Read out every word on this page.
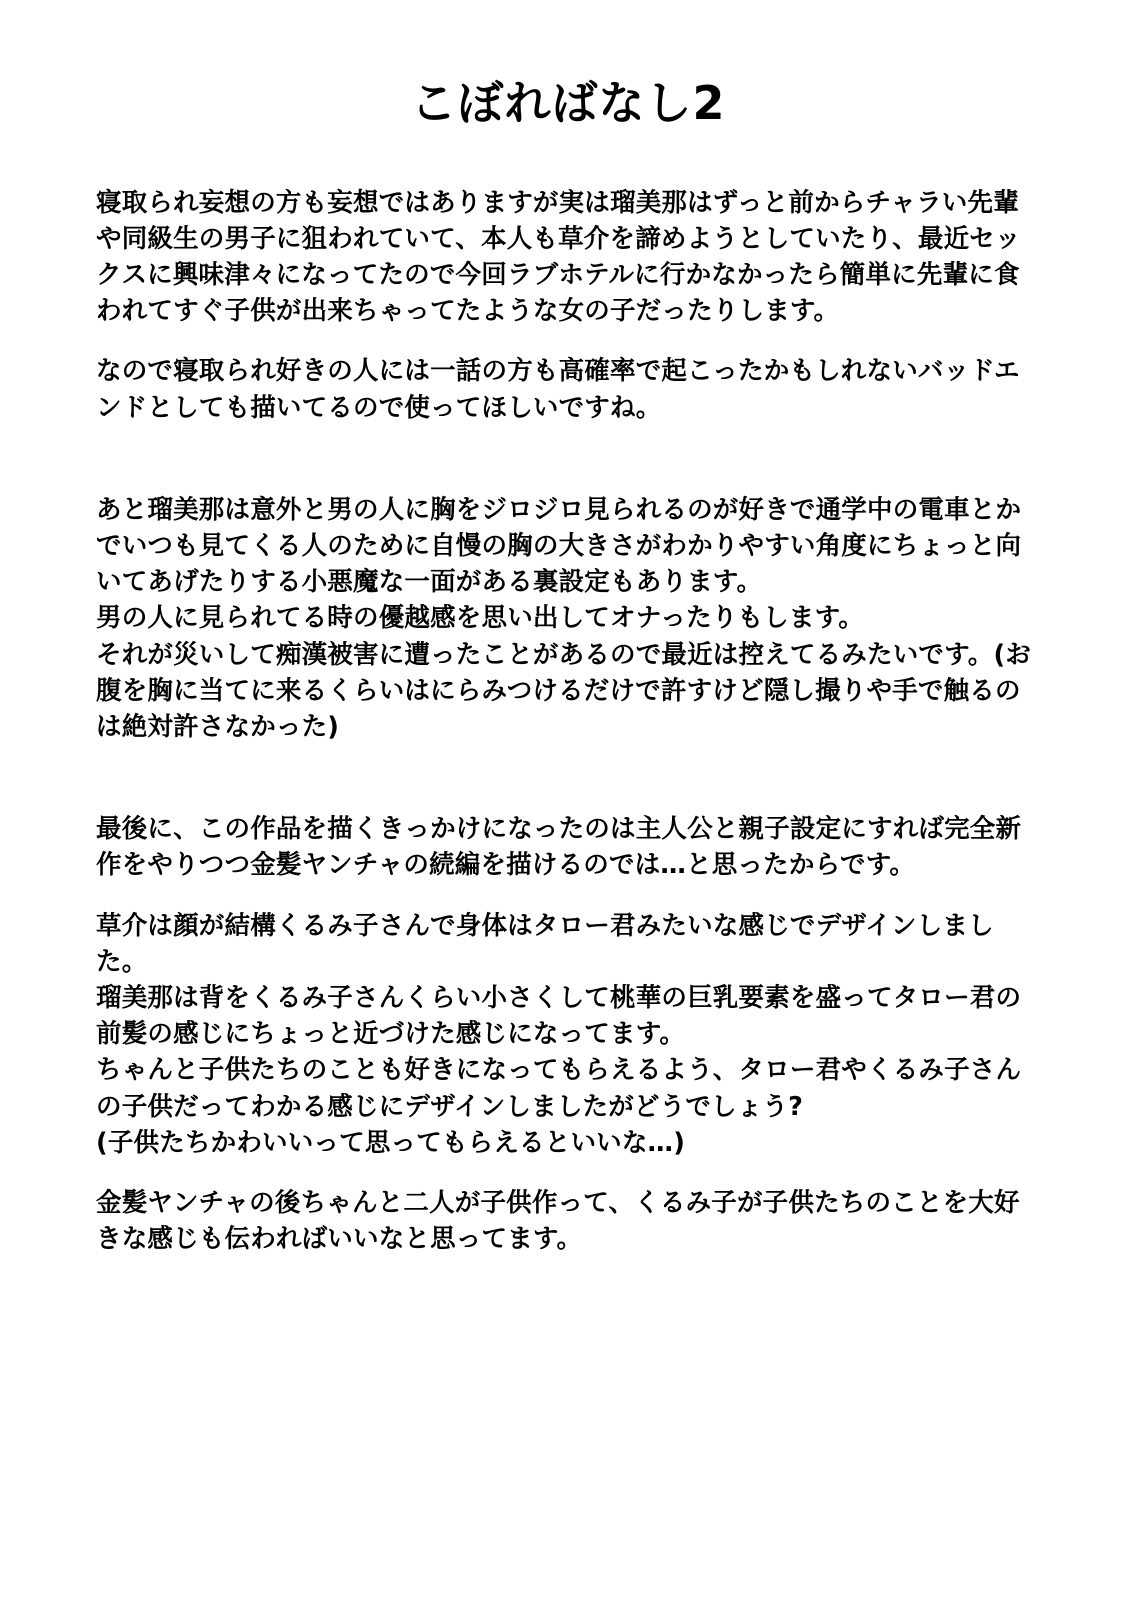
こぼればなし2

寝取られ妄想の方も妄想ではありますが実は瑠美那はずっと前からチャラい先輩や同級生の男子に狙われていて、本人も草介を諦めようとしていたり、最近セックスに興味津々になってたので今回ラブホテルに行かなかったら簡単に先輩に食われてすぐ子供が出来ちゃってたような女の子だったりします。

なので寝取られ好きの人には一話の方も高確率で起こったかもしれないバッドエンドとしても描いてるので使ってほしいですね。

あと瑠美那は意外と男の人に胸をジロジロ見られるのが好きで通学中の電車とかでいつも見てくる人のために自慢の胸の大きさがわかりやすい角度にちょっと向いてあげたりする小悪魔な一面がある裏設定もあります。

男の人に見られてる時の優越感を思い出してオナったりもします。

それが災いして痴漢被害に遭ったことがあるので最近は控えてるみたいです。(お腹を胸に当てに来るくらいはにらみつけるだけで許すけど隠し撮りや手で触るのは絶対許さなかった)

最後に、この作品を描くきっかけになったのは主人公と親子設定にすれば完全新作をやりつつ金髪ヤンチャの続編を描けるのでは…と思ったからです。

草介は顔が結構くるみ子さんで身体はタロー君みたいな感じでデザインしました。

瑠美那は背をくるみ子さんくらい小さくして桃華の巨乳要素を盛ってタロー君の前髪の感じにちょっと近づけた感じになってます。

ちゃんと子供たちのことも好きになってもらえるよう、タロー君やくるみ子さんの子供だってわかる感じにデザインしましたがどうでしょう?

(子供たちかわいいって思ってもらえるといいな…)

金髪ヤンチャの後ちゃんと二人が子供作って、くるみ子が子供たちのことを大好きな感じも伝わればいいなと思ってます。
